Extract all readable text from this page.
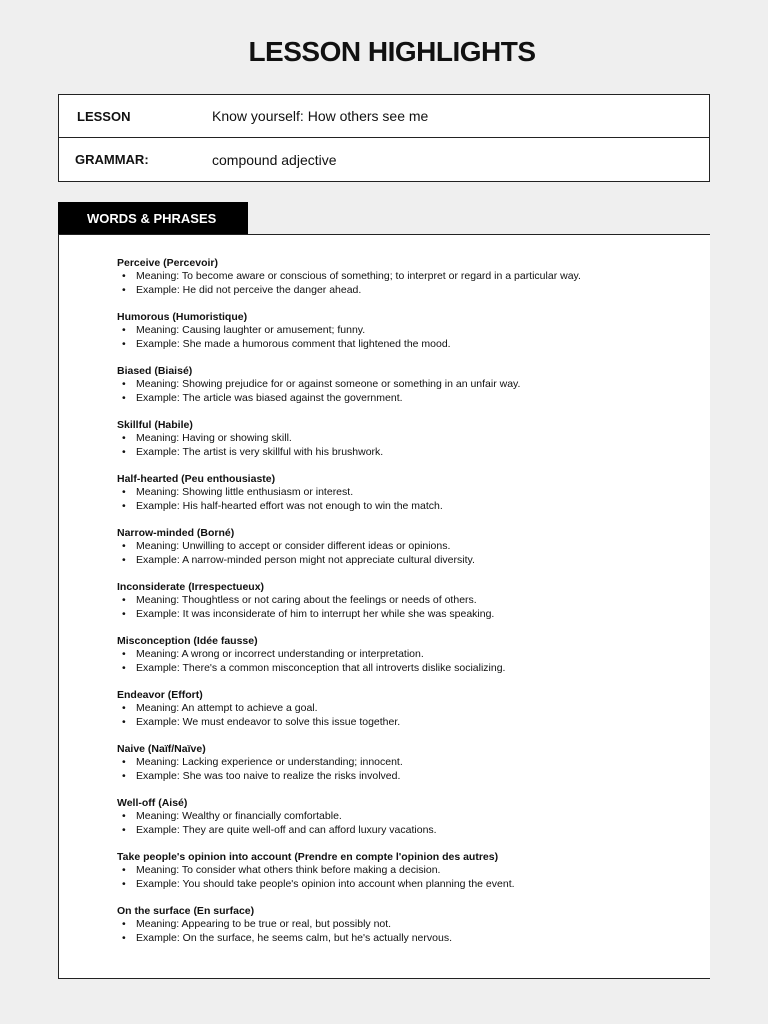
LESSON HIGHLIGHTS
LESSON	Know yourself: How others see me
GRAMMAR:	compound adjective
WORDS & PHRASES
Perceive (Percevoir)
• Meaning: To become aware or conscious of something; to interpret or regard in a particular way.
• Example: He did not perceive the danger ahead.
Humorous (Humoristique)
• Meaning: Causing laughter or amusement; funny.
• Example: She made a humorous comment that lightened the mood.
Biased (Biaisé)
• Meaning: Showing prejudice for or against someone or something in an unfair way.
• Example: The article was biased against the government.
Skillful (Habile)
• Meaning: Having or showing skill.
• Example: The artist is very skillful with his brushwork.
Half-hearted (Peu enthousiaste)
• Meaning: Showing little enthusiasm or interest.
• Example: His half-hearted effort was not enough to win the match.
Narrow-minded (Borné)
• Meaning: Unwilling to accept or consider different ideas or opinions.
• Example: A narrow-minded person might not appreciate cultural diversity.
Inconsiderate (Irrespectueux)
• Meaning: Thoughtless or not caring about the feelings or needs of others.
• Example: It was inconsiderate of him to interrupt her while she was speaking.
Misconception (Idée fausse)
• Meaning: A wrong or incorrect understanding or interpretation.
• Example: There's a common misconception that all introverts dislike socializing.
Endeavor (Effort)
• Meaning: An attempt to achieve a goal.
• Example: We must endeavor to solve this issue together.
Naive (Naïf/Naïve)
• Meaning: Lacking experience or understanding; innocent.
• Example: She was too naive to realize the risks involved.
Well-off (Aisé)
• Meaning: Wealthy or financially comfortable.
• Example: They are quite well-off and can afford luxury vacations.
Take people's opinion into account (Prendre en compte l'opinion des autres)
• Meaning: To consider what others think before making a decision.
• Example: You should take people's opinion into account when planning the event.
On the surface (En surface)
• Meaning: Appearing to be true or real, but possibly not.
• Example: On the surface, he seems calm, but he's actually nervous.
